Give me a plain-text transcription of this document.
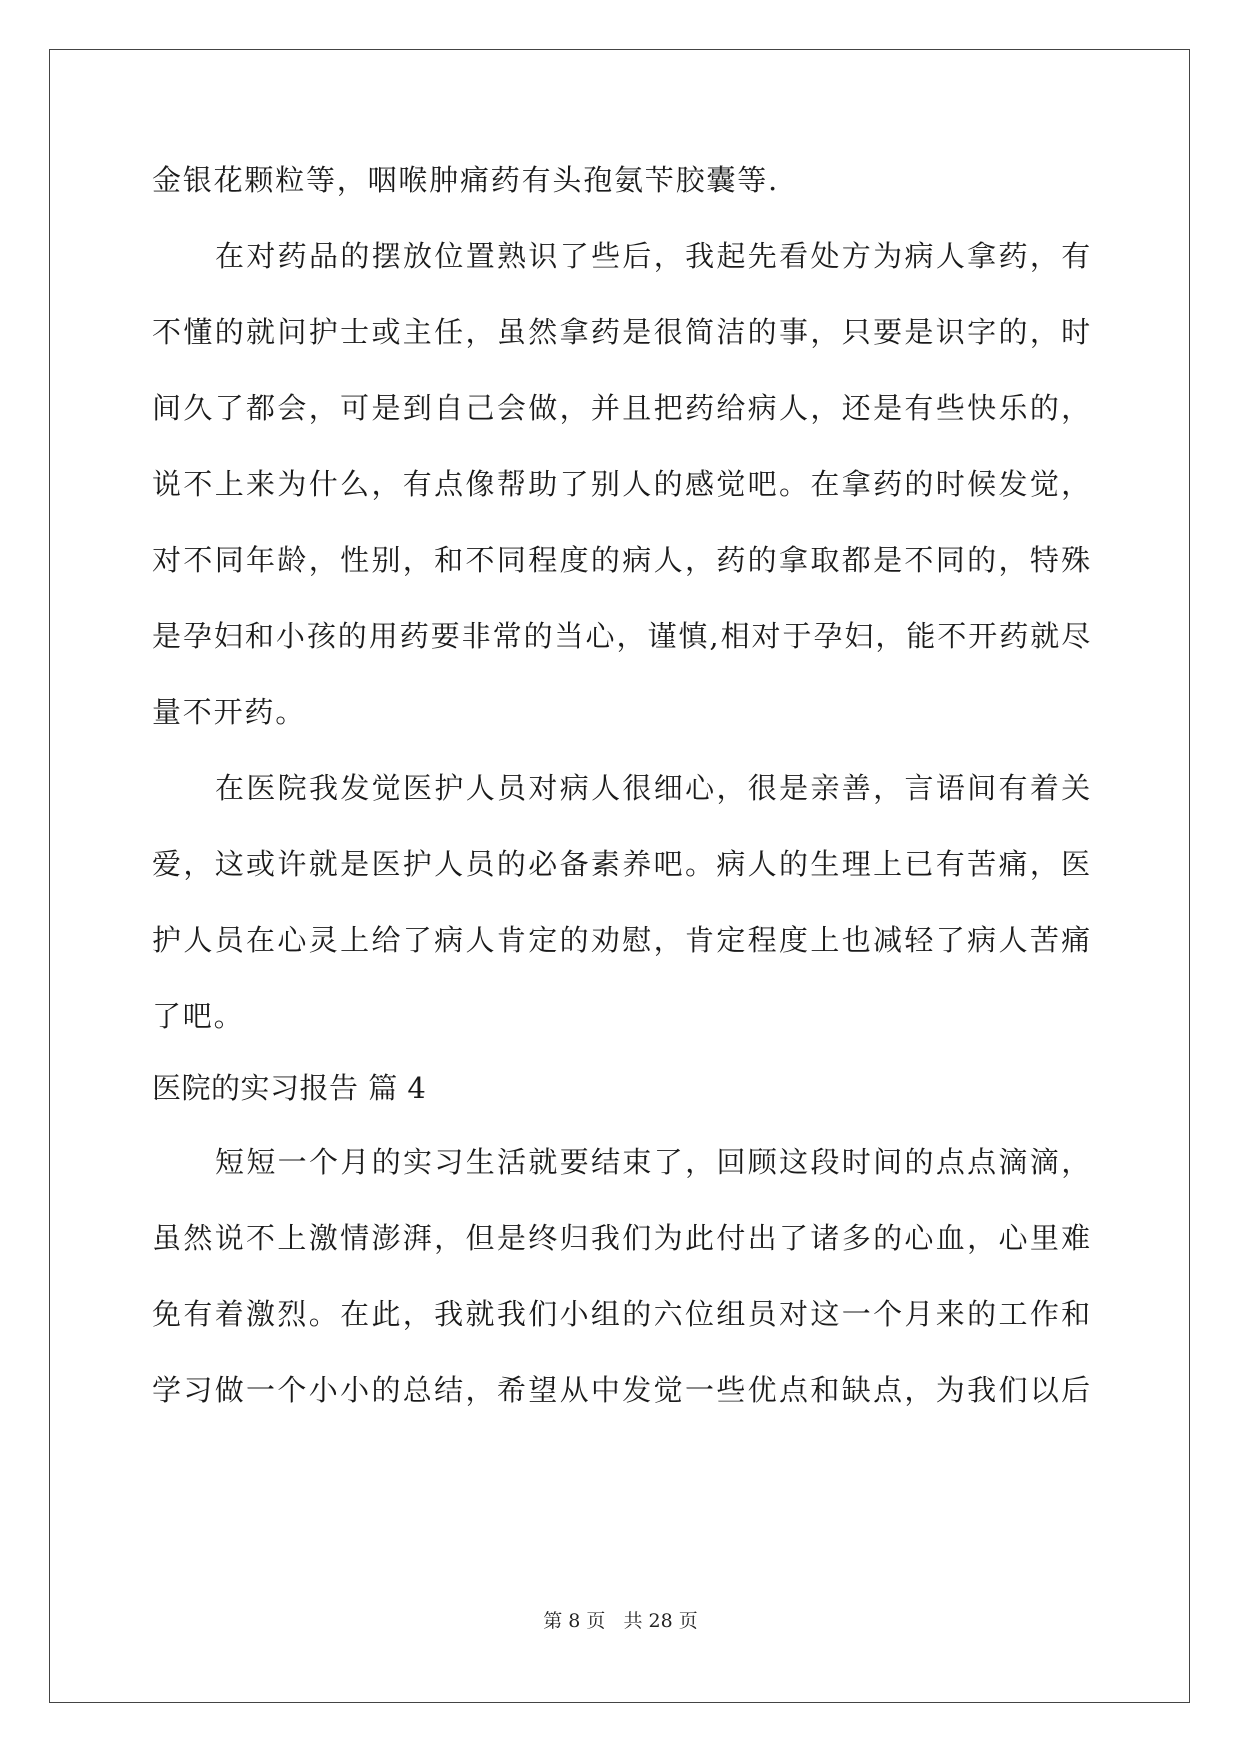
金银花颗粒等，咽喉肿痛药有头孢氨苄胶囊等.
在对药品的摆放位置熟识了些后，我起先看处方为病人拿药，有
不懂的就问护士或主任，虽然拿药是很简洁的事，只要是识字的，时
间久了都会，可是到自己会做，并且把药给病人，还是有些快乐的，
说不上来为什么，有点像帮助了别人的感觉吧。在拿药的时候发觉，
对不同年龄，性别，和不同程度的病人，药的拿取都是不同的，特殊
是孕妇和小孩的用药要非常的当心，谨慎,相对于孕妇，能不开药就尽
量不开药。
在医院我发觉医护人员对病人很细心，很是亲善，言语间有着关
爱，这或许就是医护人员的必备素养吧。病人的生理上已有苦痛，医
护人员在心灵上给了病人肯定的劝慰，肯定程度上也减轻了病人苦痛
了吧。
医院的实习报告 篇 4
短短一个月的实习生活就要结束了，回顾这段时间的点点滴滴，
虽然说不上激情澎湃，但是终归我们为此付出了诸多的心血，心里难
免有着激烈。在此，我就我们小组的六位组员对这一个月来的工作和
学习做一个小小的总结，希望从中发觉一些优点和缺点，为我们以后
第 8 页 共 28 页
